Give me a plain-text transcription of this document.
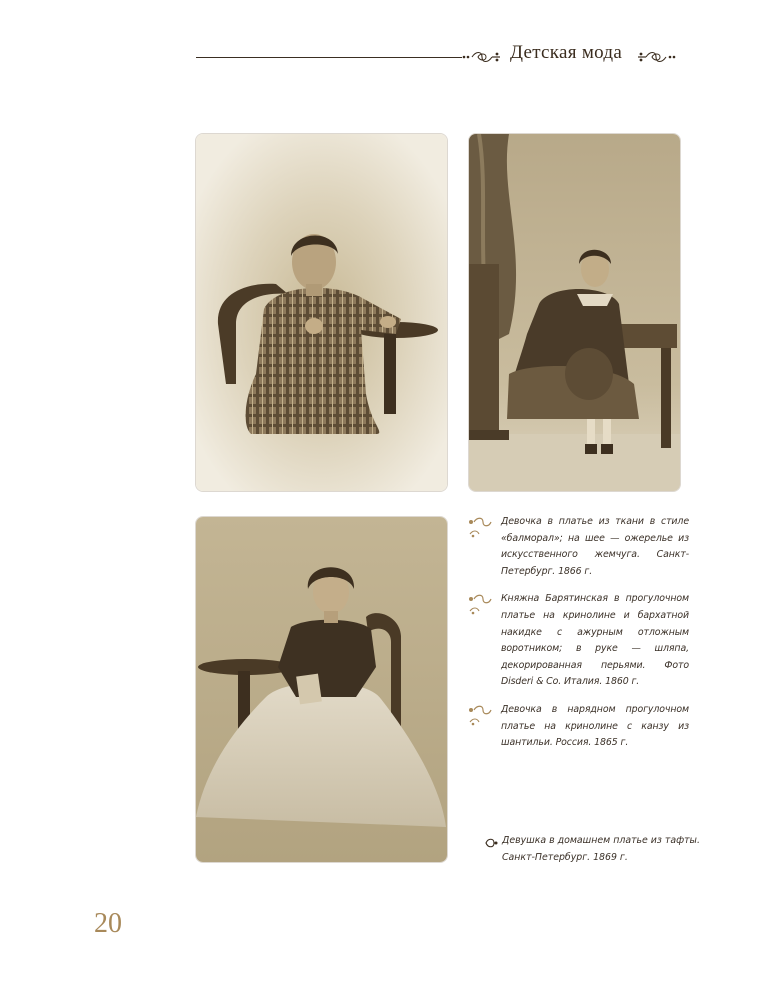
Детская мода
Девочка в платье из ткани в стиле «балморал»; на шее — ожерелье из искусственного жемчуга. Санкт-Петербург. 1866 г.
Княжна Барятинская в прогулочном платье на кринолине и бархатной накидке с ажурным отложным воротником; в руке — шляпа, декорированная перьями. Фото Disderi & Co. Италия. 1860 г.
Девочка в нарядном прогулочном платье на кринолине с канзу из шантильи. Россия. 1865 г.
Девушка в домашнем платье из тафты. Санкт-Петербург. 1869 г.
20
